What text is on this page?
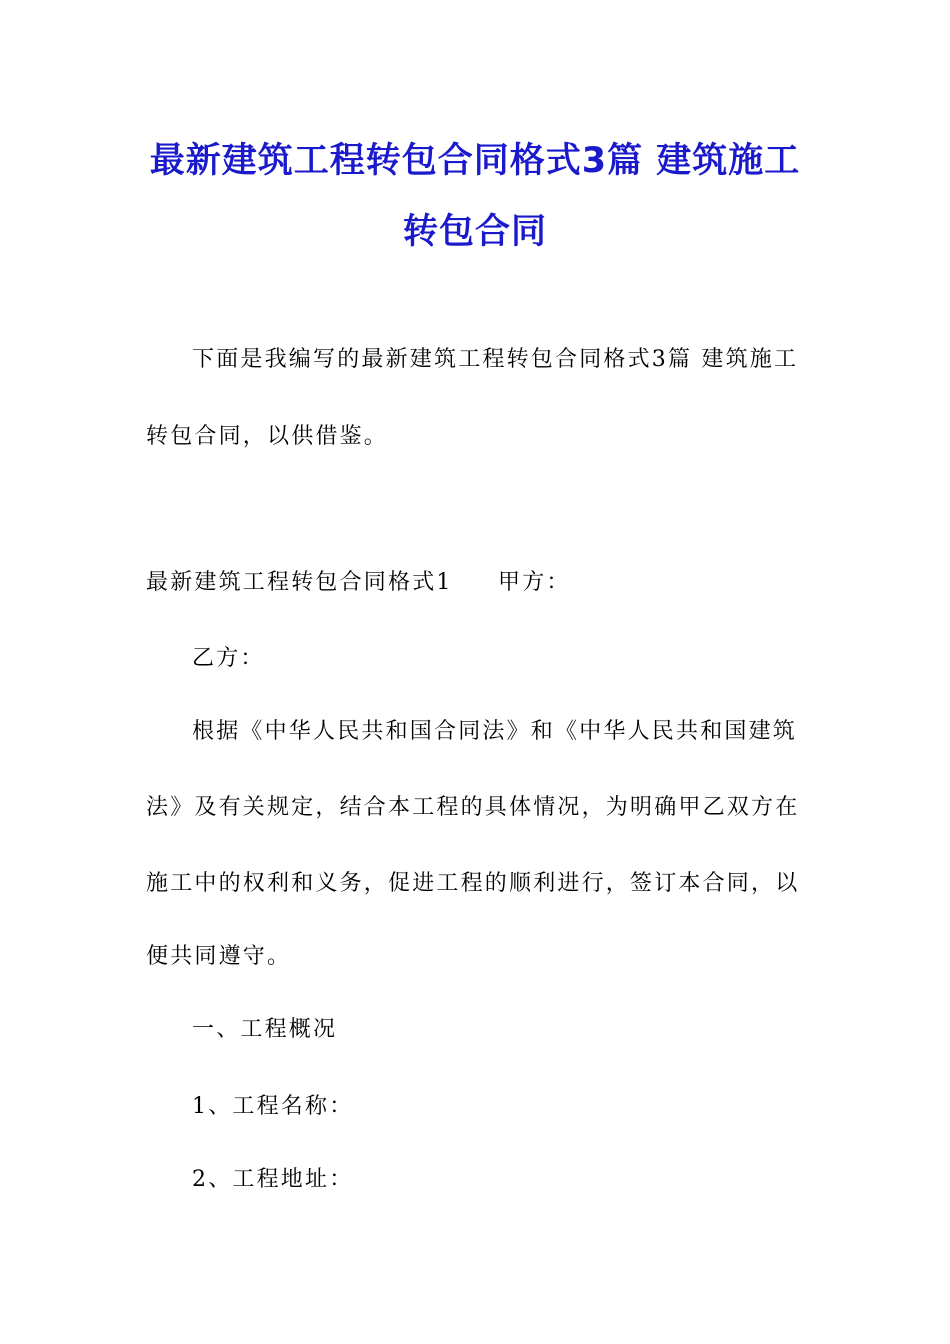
最新建筑工程转包合同格式3篇 建筑施工
转包合同
下面是我编写的最新建筑工程转包合同格式3篇 建筑施工
转包合同，以供借鉴。
最新建筑工程转包合同格式1 甲方：
乙方：
根据《中华人民共和国合同法》和《中华人民共和国建筑
法》及有关规定，结合本工程的具体情况，为明确甲乙双方在
施工中的权利和义务，促进工程的顺利进行，签订本合同，以
便共同遵守。
一、工程概况
1、工程名称：
2、工程地址：
